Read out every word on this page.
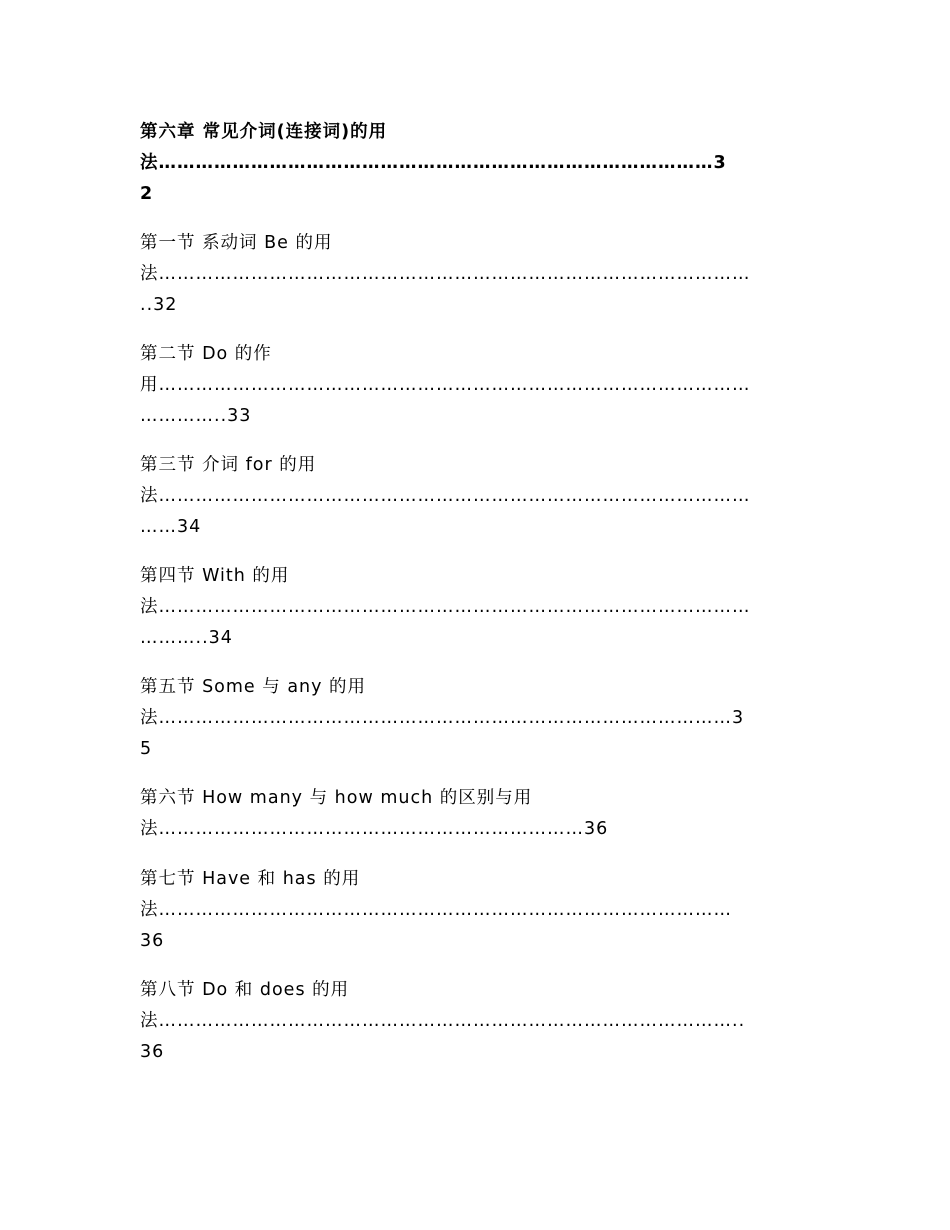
第六章 常见介词(连接词)的用
法………………………………………………………………………………3
2
第一节 系动词 Be 的用
法……………………………………………………………………………………
..32
第二节 Do 的作
用……………………………………………………………………………………
…………..33
第三节 介词 for 的用
法……………………………………………………………………………………
……34
第四节 With 的用
法……………………………………………………………………………………
………..34
第五节 Some 与 any 的用
法…………………………………………………………………………………3
5
第六节 How many 与 how much 的区别与用
法……………………………………………………………36
第七节 Have 和 has 的用
法…………………………………………………………………………………
36
第八节 Do 和 does 的用
法…………………………………………………………………………………..
36
